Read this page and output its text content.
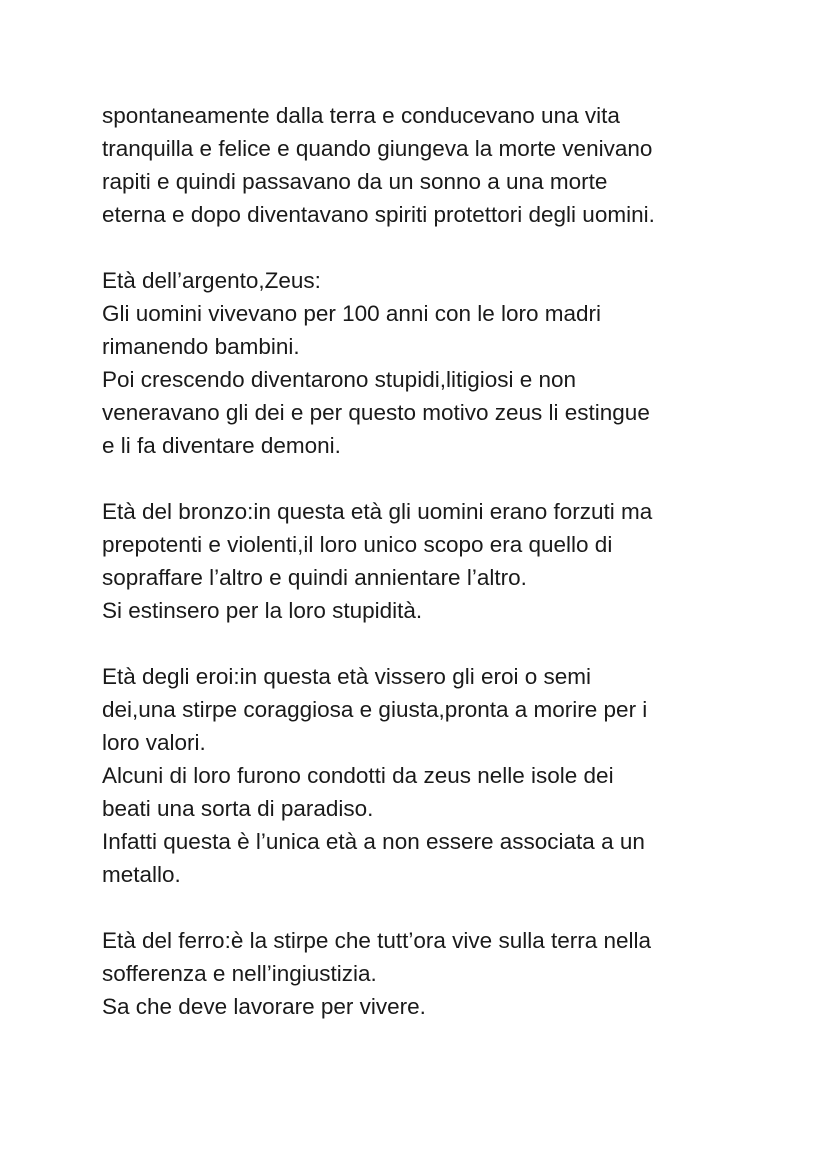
spontaneamente dalla terra e conducevano una vita
tranquilla e felice e quando giungeva la morte venivano
rapiti e quindi passavano da un sonno a una morte
eterna e dopo diventavano spiriti protettori degli uomini.

Età dell’argento,Zeus:
Gli uomini vivevano per 100 anni con le loro madri
rimanendo bambini.
Poi crescendo diventarono stupidi,litigiosi e non
veneravano gli dei e per questo motivo zeus li estingue
e li fa diventare demoni.

Età del bronzo:in questa età gli uomini erano forzuti ma
prepotenti e violenti,il loro unico scopo era quello di
sopraffare l’altro e quindi annientare l’altro.
Si estinsero per la loro stupidità.

Età degli eroi:in questa età vissero gli eroi o semi
dei,una stirpe coraggiosa e giusta,pronta a morire per i
loro valori.
Alcuni di loro furono condotti da zeus nelle isole dei
beati una sorta di paradiso.
Infatti questa è l’unica età a non essere associata a un
metallo.

Età del ferro:è la stirpe che tutt’ora vive sulla terra nella
sofferenza e nell’ingiustizia.
Sa che deve lavorare per vivere.
